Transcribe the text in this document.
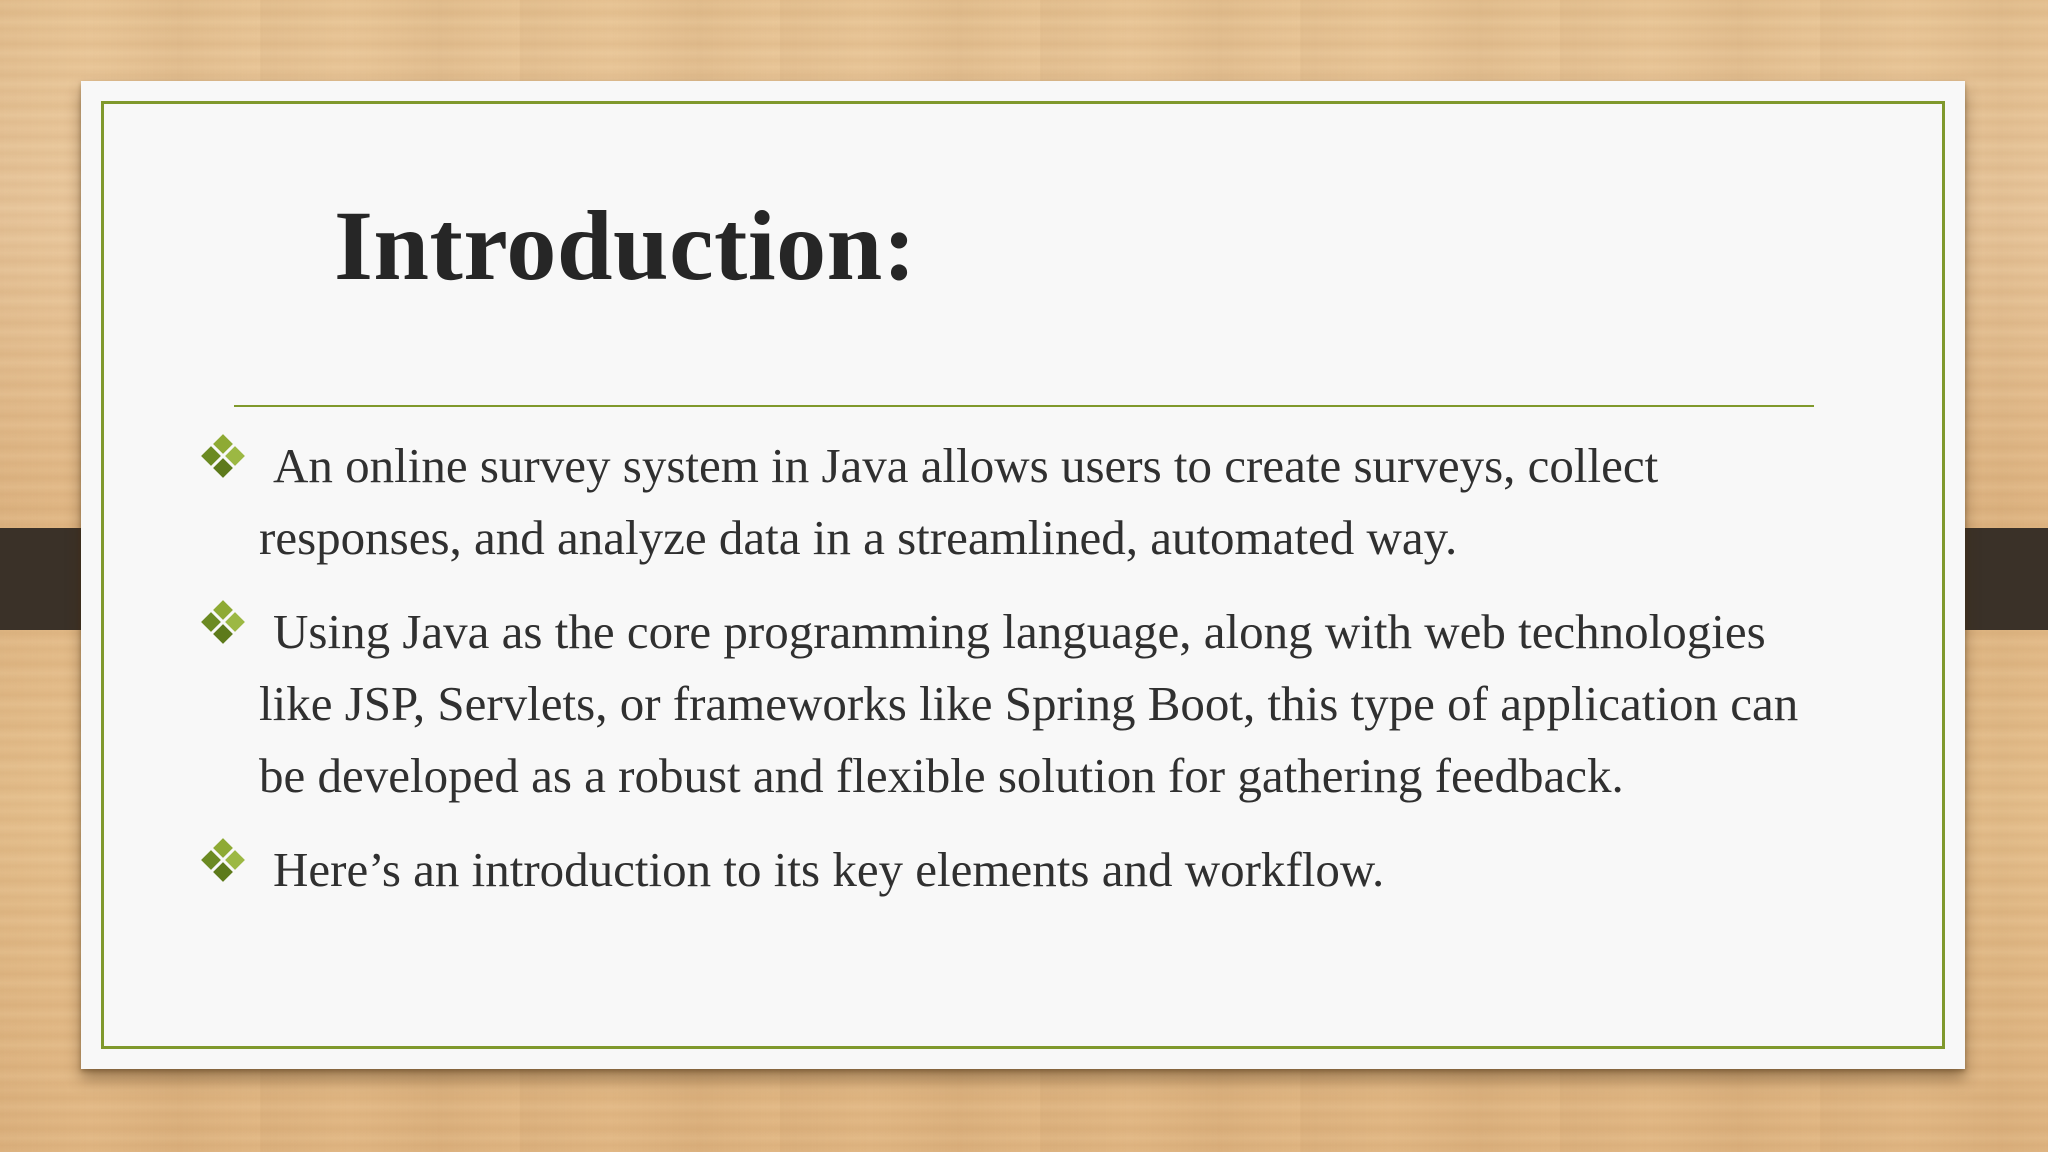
Introduction:
An online survey system in Java allows users to create surveys, collect responses, and analyze data in a streamlined, automated way.
Using Java as the core programming language, along with web technologies like JSP, Servlets, or frameworks like Spring Boot, this type of application can be developed as a robust and flexible solution for gathering feedback.
Here’s an introduction to its key elements and workflow.
